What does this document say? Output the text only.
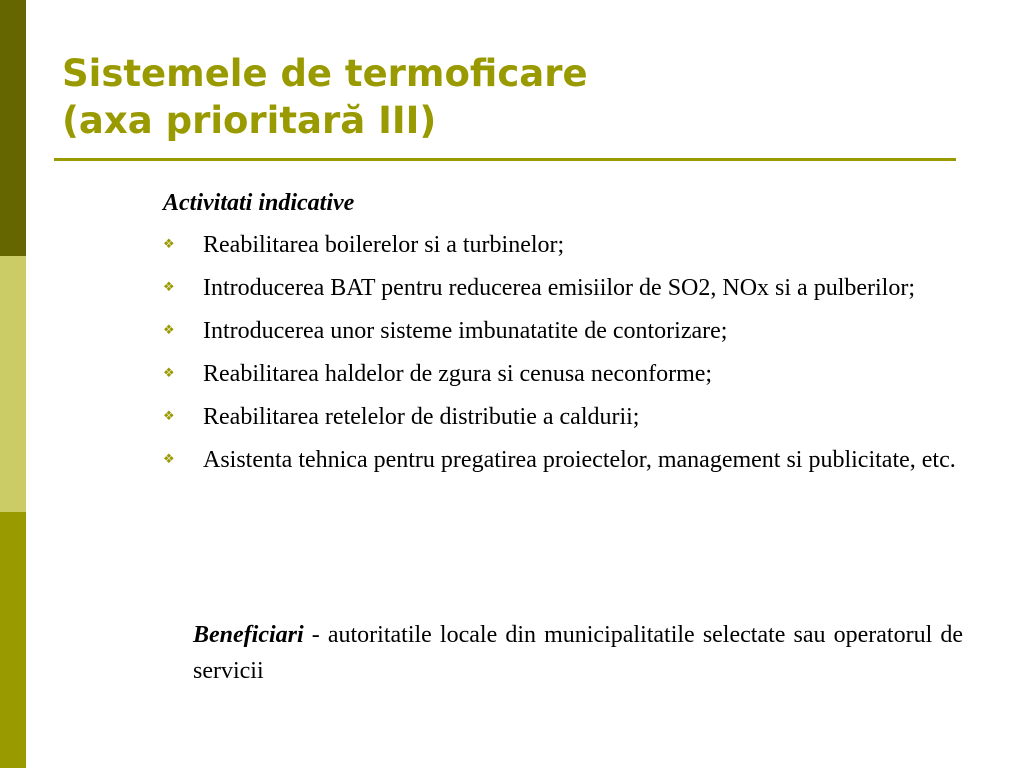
Sistemele de termoficare
(axa prioritară III)
Activitati indicative
❖ Reabilitarea boilerelor si a turbinelor;
❖ Introducerea BAT pentru reducerea emisiilor de SO2, NOx si a pulberilor;
❖ Introducerea unor sisteme imbunatatite de contorizare;
❖ Reabilitarea haldelor de zgura si cenusa neconforme;
❖ Reabilitarea retelelor de distributie a caldurii;
❖ Asistenta tehnica pentru pregatirea proiectelor, management si publicitate, etc.
Beneficiari - autoritatile locale din municipalitatile selectate sau operatorul de servicii
